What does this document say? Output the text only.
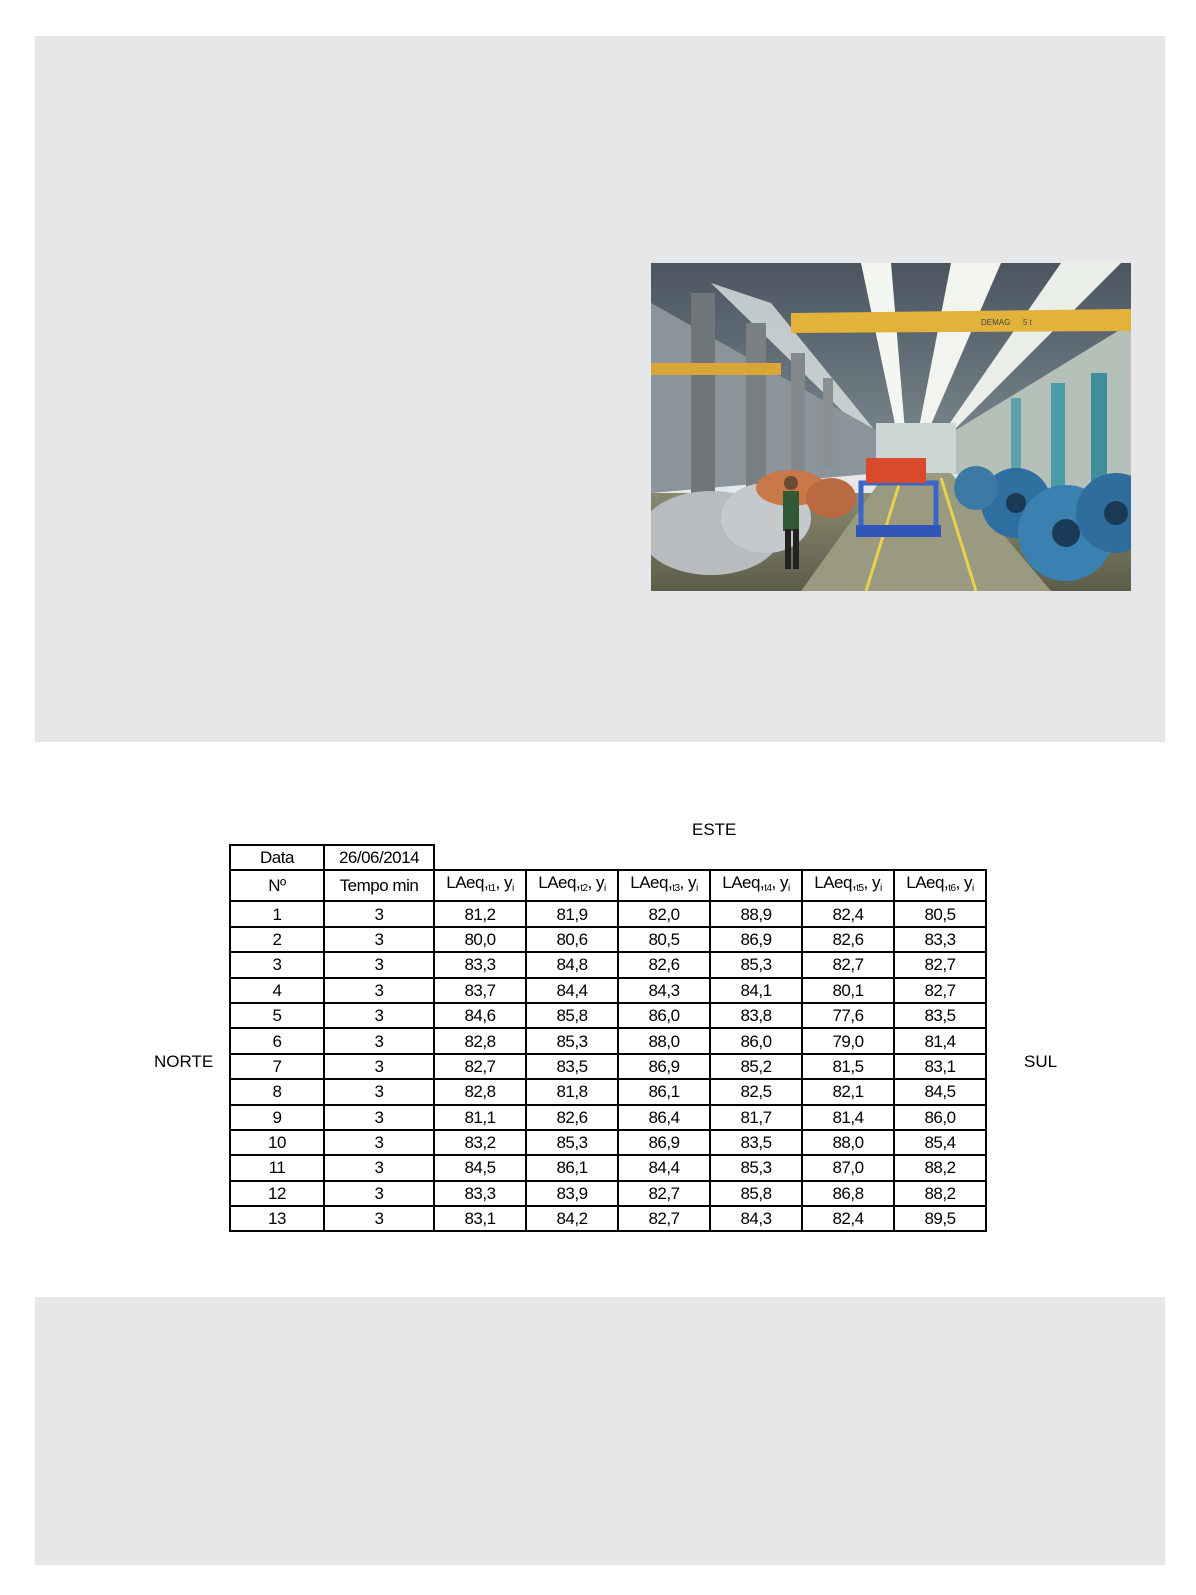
DEMAG 5 t
ESTE
NORTE	SUL
Data	26/06/2014						
Nº	Tempo min	$LAeq,_{t1}$, $y_i$	$LAeq,_{t2}$, $y_i$	$LAeq,_{t3}$, $y_i$	$LAeq,_{t4}$, $y_i$	$LAeq,_{t5}$, $y_i$	$LAeq,_{t6}$, $y_i$
1	3	81,2	81,9	82,0	88,9	82,4	80,5
2	3	80,0	80,6	80,5	86,9	82,6	83,3
3	3	83,3	84,8	82,6	85,3	82,7	82,7
4	3	83,7	84,4	84,3	84,1	80,1	82,7
5	3	84,6	85,8	86,0	83,8	77,6	83,5
6	3	82,8	85,3	88,0	86,0	79,0	81,4
7	3	82,7	83,5	86,9	85,2	81,5	83,1
8	3	82,8	81,8	86,1	82,5	82,1	84,5
9	3	81,1	82,6	86,4	81,7	81,4	86,0
10	3	83,2	85,3	86,9	83,5	88,0	85,4
11	3	84,5	86,1	84,4	85,3	87,0	88,2
12	3	83,3	83,9	82,7	85,8	86,8	88,2
13	3	83,1	84,2	82,7	84,3	82,4	89,5
